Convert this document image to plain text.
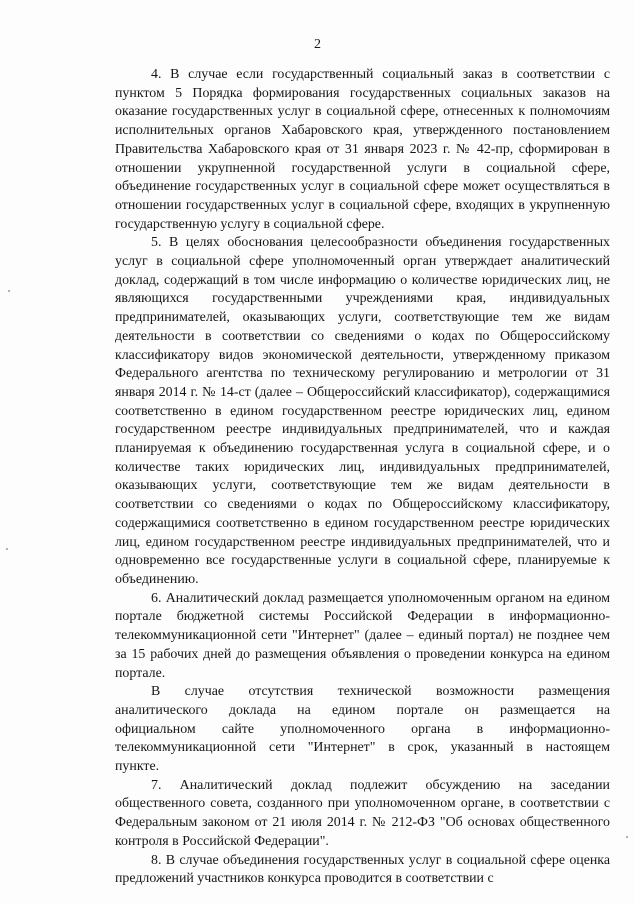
2

4. В случае если государственный социальный заказ в соответствии с пунктом 5 Порядка формирования государственных социальных заказов на оказание государственных услуг в социальной сфере, отнесенных к полномочиям исполнительных органов Хабаровского края, утвержденного постановлением Правительства Хабаровского края от 31 января 2023 г. № 42-пр, сформирован в отношении укрупненной государственной услуги в социальной сфере, объединение государственных услуг в социальной сфере может осуществляться в отношении государственных услуг в социальной сфере, входящих в укрупненную государственную услугу в социальной сфере.

5. В целях обоснования целесообразности объединения государственных услуг в социальной сфере уполномоченный орган утверждает аналитический доклад, содержащий в том числе информацию о количестве юридических лиц, не являющихся государственными учреждениями края, индивидуальных предпринимателей, оказывающих услуги, соответствующие тем же видам деятельности в соответствии со сведениями о кодах по Общероссийскому классификатору видов экономической деятельности, утвержденному приказом Федерального агентства по техническому регулированию и метрологии от 31 января 2014 г. № 14-ст (далее – Общероссийский классификатор), содержащимися соответственно в едином государственном реестре юридических лиц, едином государственном реестре индивидуальных предпринимателей, что и каждая планируемая к объединению государственная услуга в социальной сфере, и о количестве таких юридических лиц, индивидуальных предпринимателей, оказывающих услуги, соответствующие тем же видам деятельности в соответствии со сведениями о кодах по Общероссийскому классификатору, содержащимися соответственно в едином государственном реестре юридических лиц, едином государственном реестре индивидуальных предпринимателей, что и одновременно все государственные услуги в социальной сфере, планируемые к объединению.

6. Аналитический доклад размещается уполномоченным органом на едином портале бюджетной системы Российской Федерации в информационно-телекоммуникационной сети "Интернет" (далее – единый портал) не позднее чем за 15 рабочих дней до размещения объявления о проведении конкурса на едином портале.

В случае отсутствия технической возможности размещения аналитического доклада на едином портале он размещается на официальном сайте уполномоченного органа в информационно-телекоммуникационной сети "Интернет" в срок, указанный в настоящем пункте.

7. Аналитический доклад подлежит обсуждению на заседании общественного совета, созданного при уполномоченном органе, в соответствии с Федеральным законом от 21 июля 2014 г. № 212-ФЗ "Об основах общественного контроля в Российской Федерации".

8. В случае объединения государственных услуг в социальной сфере оценка предложений участников конкурса проводится в соответствии с
